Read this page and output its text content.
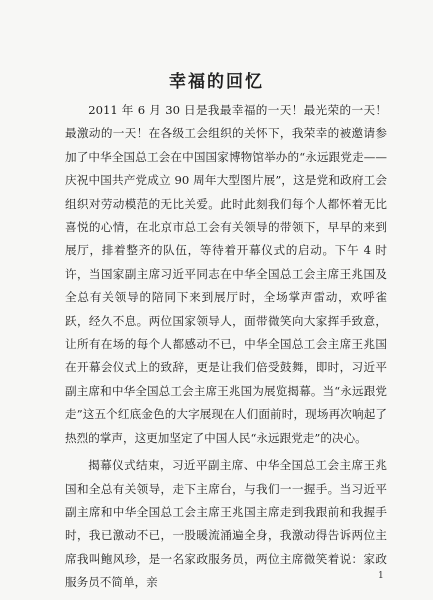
幸福的回忆

2011 年 6 月 30 日是我最幸福的一天！最光荣的一天！最激动的一天！在各级工会组织的关怀下，我荣幸的被邀请参加了中华全国总工会在中国国家博物馆举办的“永远跟党走——庆祝中国共产党成立 90 周年大型图片展”，这是党和政府工会组织对劳动模范的无比关爱。此时此刻我们每个人都怀着无比喜悦的心情，在北京市总工会有关领导的带领下，早早的来到展厅，排着整齐的队伍，等待着开幕仪式的启动。下午 4 时许，当国家副主席习近平同志在中华全国总工会主席王兆国及全总有关领导的陪同下来到展厅时，全场掌声雷动，欢呼雀跃，经久不息。两位国家领导人，面带微笑向大家挥手致意，让所有在场的每个人都感动不已，中华全国总工会主席王兆国在开幕会仪式上的致辞，更是让我们倍受鼓舞，即时，习近平副主席和中华全国总工会主席王兆国为展览揭幕。当“永远跟党走”这五个红底金色的大字展现在人们面前时，现场再次响起了热烈的掌声，这更加坚定了中国人民“永远跟党走”的决心。

揭幕仪式结束，习近平副主席、中华全国总工会主席王兆国和全总有关领导，走下主席台，与我们一一握手。当习近平副主席和中华全国总工会主席王兆国主席走到我跟前和我握手时，我已激动不已，一股暖流涌遍全身，我激动得告诉两位主席我叫鲍风珍，是一名家政服务员，两位主席微笑着说：家政服务员不简单，亲	1
